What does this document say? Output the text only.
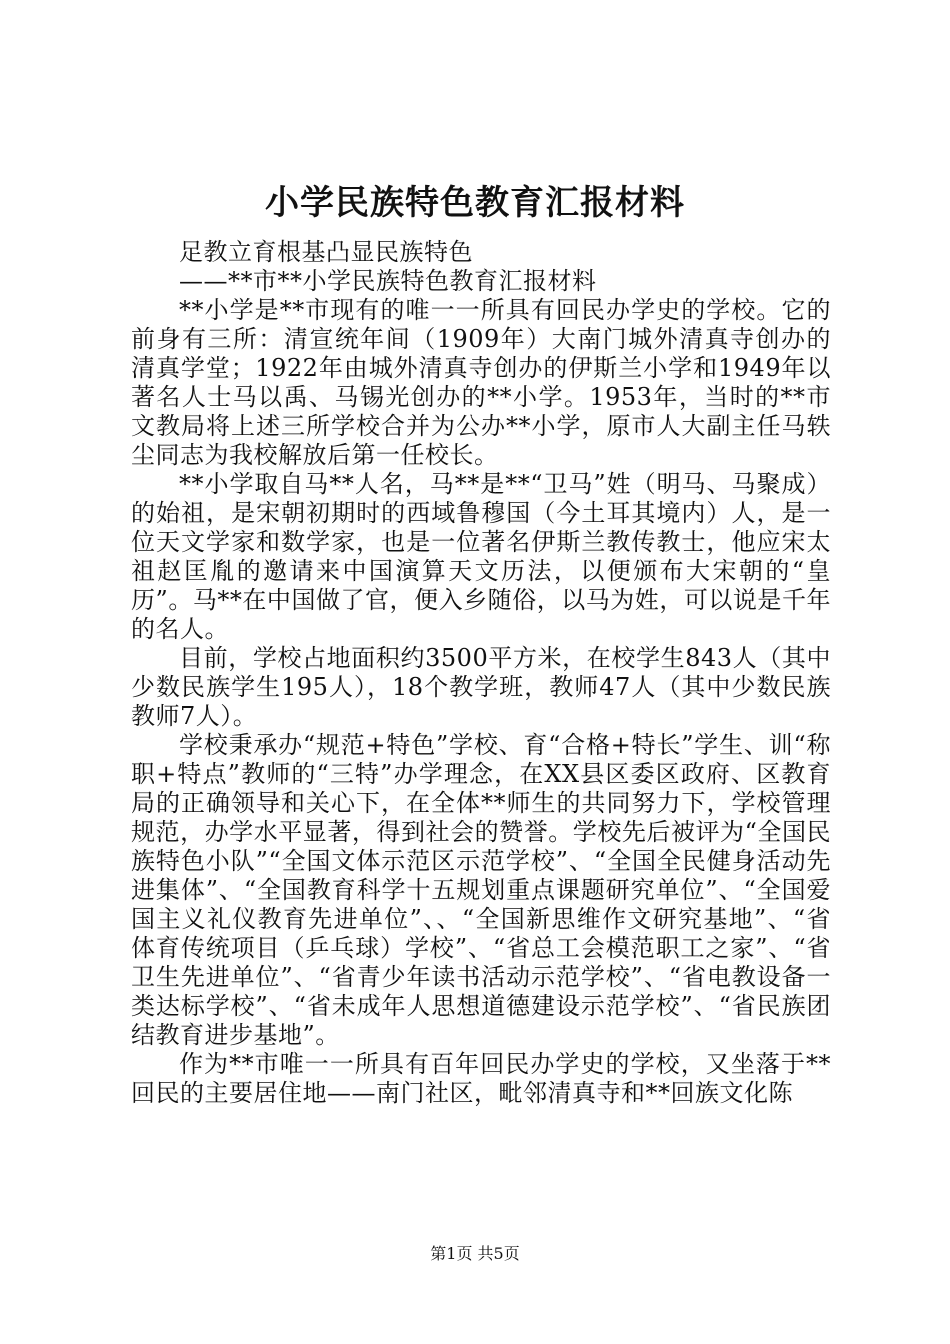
小学民族特色教育汇报材料

足教立育根基凸显民族特色

——**市**小学民族特色教育汇报材料

**小学是**市现有的唯一一所具有回民办学史的学校。它的前身有三所：清宣统年间（1909年）大南门城外清真寺创办的清真学堂；1922年由城外清真寺创办的伊斯兰小学和1949年以著名人士马以禹、马锡光创办的**小学。1953年，当时的**市文教局将上述三所学校合并为公办**小学，原市人大副主任马轶尘同志为我校解放后第一任校长。

**小学取自马**人名，马**是**“卫马”姓（明马、马聚成）的始祖，是宋朝初期时的西域鲁穆国（今土耳其境内）人，是一位天文学家和数学家，也是一位著名伊斯兰教传教士，他应宋太祖赵匡胤的邀请来中国演算天文历法，以便颁布大宋朝的“皇历”。马**在中国做了官，便入乡随俗，以马为姓，可以说是千年的名人。

目前，学校占地面积约3500平方米，在校学生843人（其中少数民族学生195人），18个教学班，教师47人（其中少数民族教师7人）。

学校秉承办“规范+特色”学校、育“合格+特长”学生、训“称职+特点”教师的“三特”办学理念，在XX县区委区政府、区教育局的正确领导和关心下，在全体**师生的共同努力下，学校管理规范，办学水平显著，得到社会的赞誉。学校先后被评为“全国民族特色小队”“全国文体示范区示范学校”、“全国全民健身活动先进集体”、“全国教育科学十五规划重点课题研究单位”、“全国爱国主义礼仪教育先进单位”、、“全国新思维作文研究基地”、“省体育传统项目（乒乓球）学校”、“省总工会模范职工之家”、“省卫生先进单位”、“省青少年读书活动示范学校”、“省电教设备一类达标学校”、“省未成年人思想道德建设示范学校”、“省民族团结教育进步基地”。

作为**市唯一一所具有百年回民办学史的学校，又坐落于**回民的主要居住地——南门社区，毗邻清真寺和**回族文化陈

第1页 共5页
